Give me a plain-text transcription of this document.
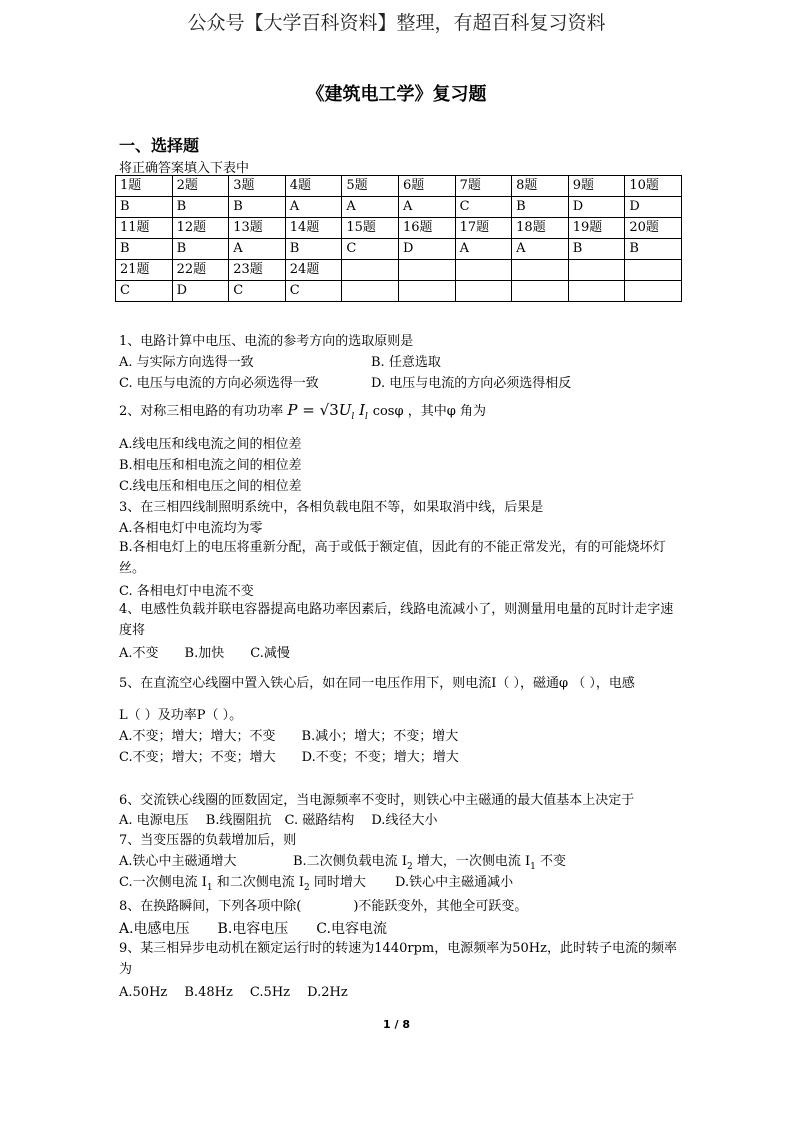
公众号【大学百科资料】整理，有超百科复习资料
《建筑电工学》复习题
一、选择题
将正确答案填入下表中
1题	2题	3题	4题	5题	6题	7题	8题	9题	10题
B	B	B	A	A	A	C	B	D	D
11题	12题	13题	14题	15题	16题	17题	18题	19题	20题
B	B	A	B	C	D	A	A	B	B
21题	22题	23题	24题						
C	D	C	C						
1、电路计算中电压、电流的参考方向的选取原则是
A. 与实际方向选得一致	B. 任意选取
C. 电压与电流的方向必须选得一致	D. 电压与电流的方向必须选得相反
2、对称三相电路的有功功率 $P = √3U_l$ $I_l$ cosφ ，其中φ 角为
A.线电压和线电流之间的相位差
B.相电压和相电流之间的相位差
C.线电压和相电压之间的相位差
3、在三相四线制照明系统中，各相负载电阻不等，如果取消中线，后果是
A.各相电灯中电流均为零
B.各相电灯上的电压将重新分配，高于或低于额定值，因此有的不能正常发光，有的可能烧坏灯丝。
C. 各相电灯中电流不变
4、电感性负载并联电容器提高电路功率因素后，线路电流减小了，则测量用电量的瓦时计走字速度将
A.不变　　B.加快　　C.减慢
5、在直流空心线圈中置入铁心后，如在同一电压作用下，则电流I（ ），磁通φ （ ），电感
L（ ）及功率P（ ）。
A.不变；增大；增大；不变　　B.减小；增大；不变；增大
C.不变；增大；不变；增大　　D.不变；不变；增大；增大
6、交流铁心线圈的匝数固定，当电源频率不变时，则铁心中主磁通的最大值基本上决定于
A. 电源电压　 B.线圈阻抗　C. 磁路结构　 D.线径大小
7、当变压器的负载增加后，则
A.铁心中主磁通增大	B.二次侧负载电流 $I_2$ 增大，一次侧电流 $I_1$ 不变
C.一次侧电流 $I_1$ 和二次侧电流 $I_2$ 同时增大 D.铁心中主磁通减小
8、在换路瞬间，下列各项中除(　　　　)不能跃变外，其他全可跃变。
A.电感电压　　B.电容电压　　C.电容电流
9、某三相异步电动机在额定运行时的转速为1440rpm，电源频率为50Hz，此时转子电流的频率为
A.50Hz　 B.48Hz　 C.5Hz　 D.2Hz
1 / 8
